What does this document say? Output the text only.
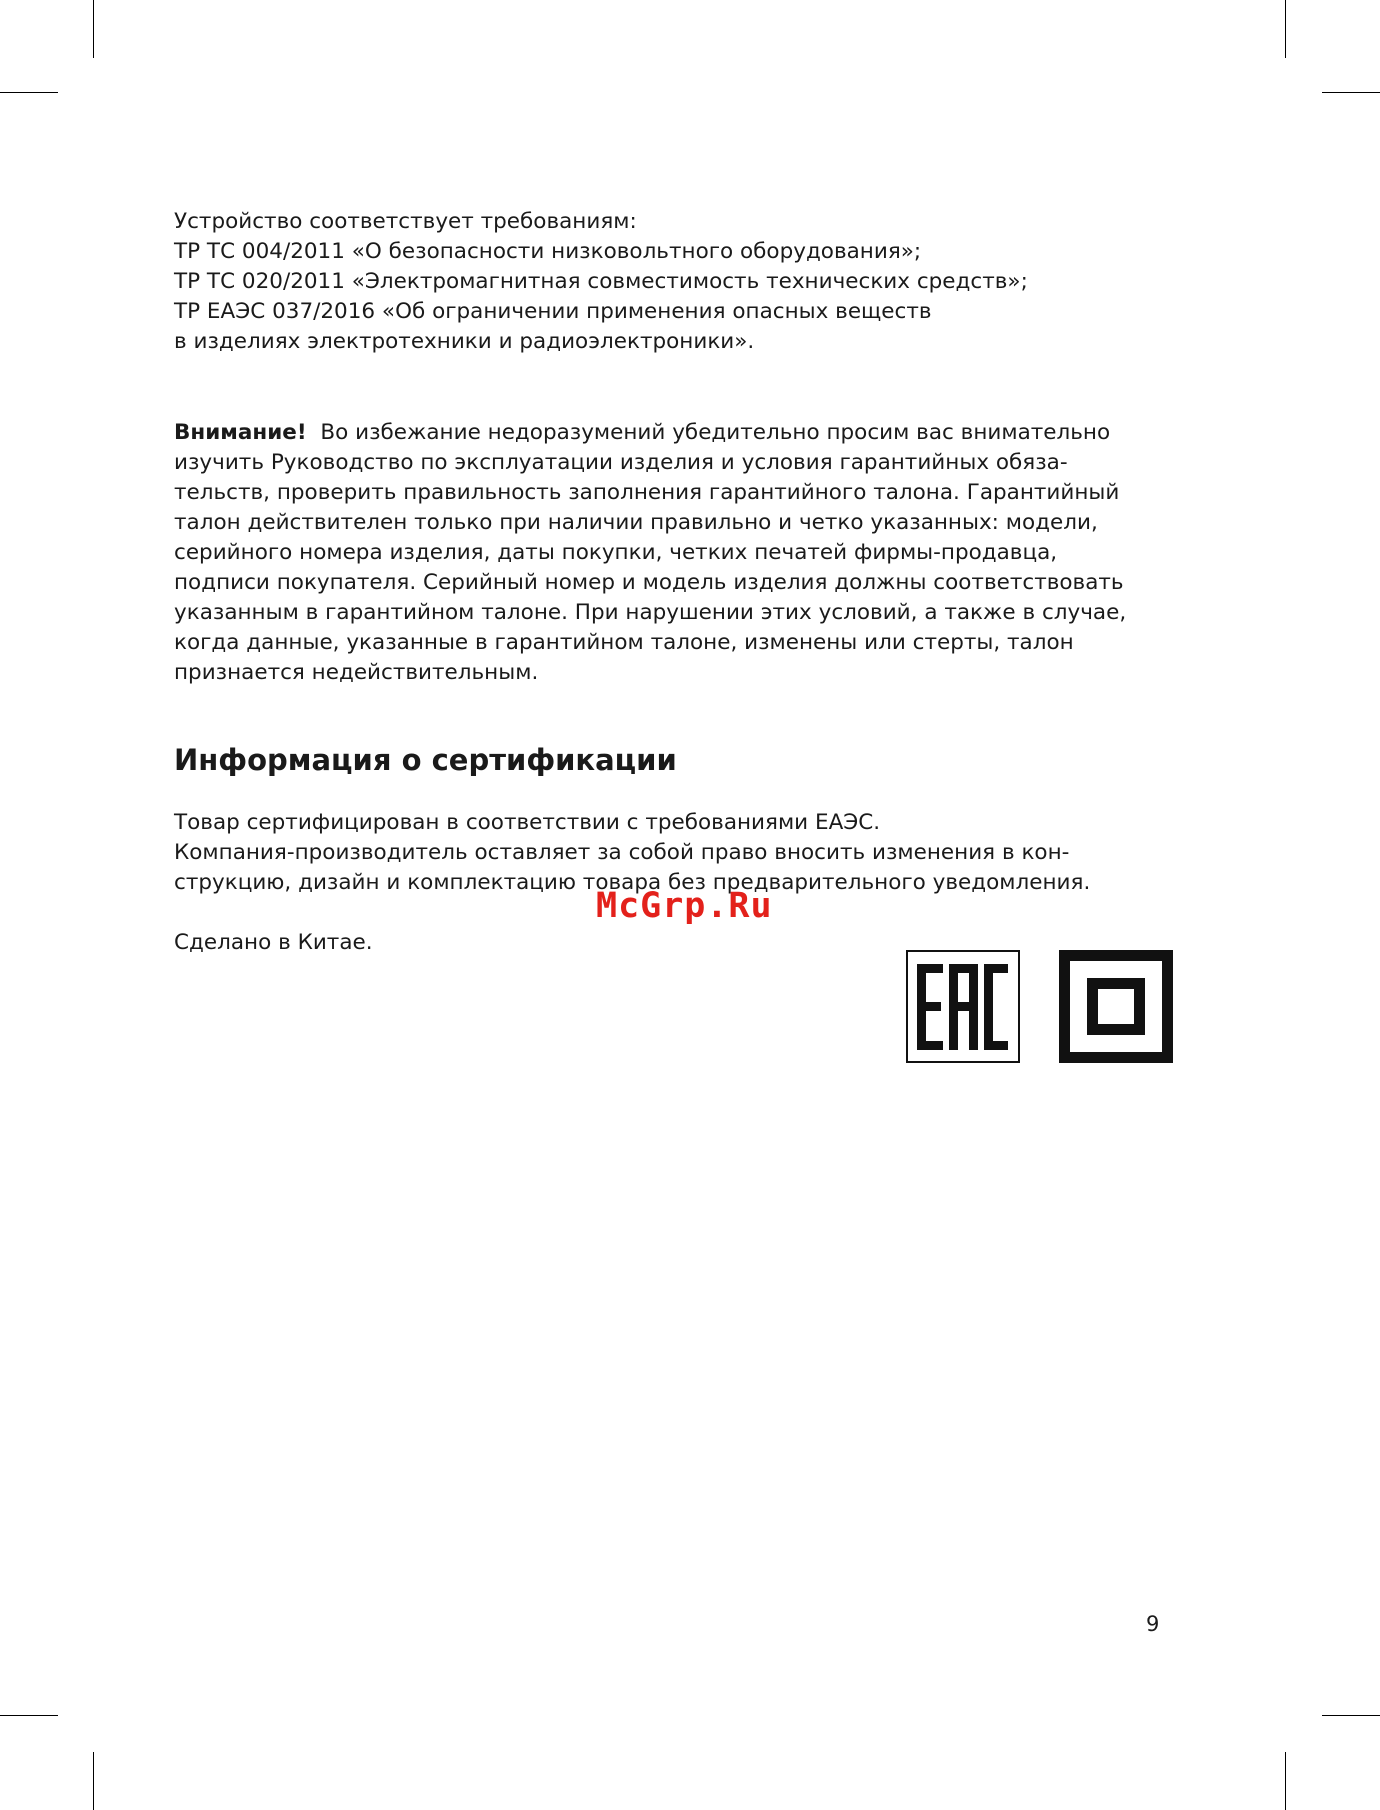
Устройство соответствует требованиям:
ТР ТС 004/2011 «О безопасности низковольтного оборудования»;
ТР ТС 020/2011 «Электромагнитная совместимость технических средств»;
ТР ЕАЭС 037/2016 «Об ограничении применения опасных веществ
в изделиях электротехники и радиоэлектроники».
Внимание! Во избежание недоразумений убедительно просим вас внимательно
изучить Руководство по эксплуатации изделия и условия гарантийных обяза-
тельств, проверить правильность заполнения гарантийного талона. Гарантийный
талон действителен только при наличии правильно и четко указанных: модели,
серийного номера изделия, даты покупки, четких печатей фирмы-продавца,
подписи покупателя. Серийный номер и модель изделия должны соответствовать
указанным в гарантийном талоне. При нарушении этих условий, а также в случае,
когда данные, указанные в гарантийном талоне, изменены или стерты, талон
признается недействительным.
Информация о сертификации
Товар сертифицирован в соответствии с требованиями ЕАЭС.
Компания-производитель оставляет за собой право вносить изменения в кон-
струкцию, дизайн и комплектацию товара без предварительного уведомления.
Сделано в Китае.
McGrp.Ru
9
